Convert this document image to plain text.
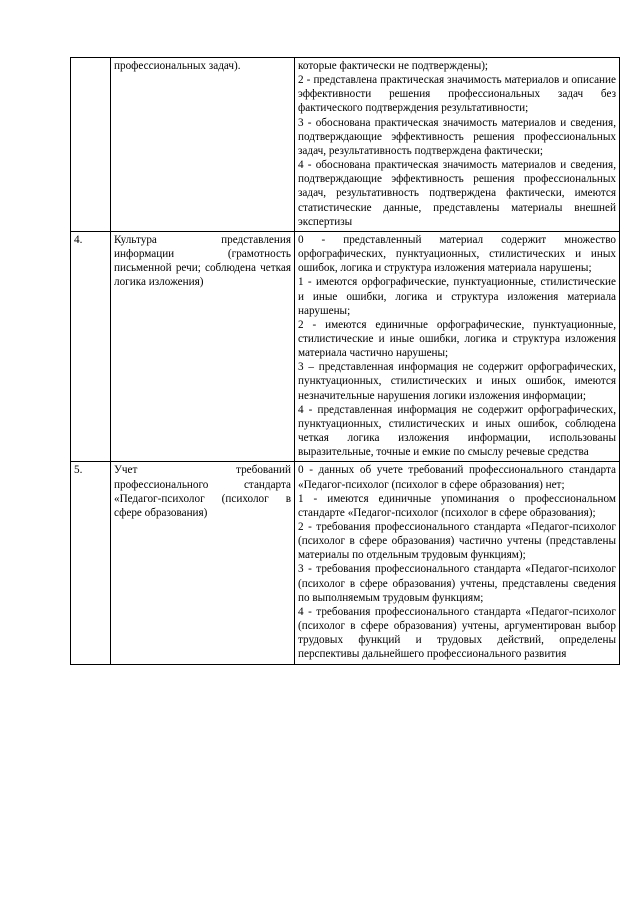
	профессиональных задач).	которые фактически не подтверждены);
2 - представлена практическая значимость материалов и описание эффективности решения профессиональных задач без фактического подтверждения результативности;
3 - обоснована практическая значимость материалов и сведения, подтверждающие эффективность решения профессиональных задач, результативность подтверждена фактически;
4 - обоснована практическая значимость материалов и сведения, подтверждающие эффективность решения профессиональных задач, результативность подтверждена фактически, имеются статистические данные, представлены материалы внешней экспертизы

4.	Культура представления информации (грамотность письменной речи; соблюдена четкая логика изложения)	0 - представленный материал содержит множество орфографических, пунктуационных, стилистических и иных ошибок, логика и структура изложения материала нарушены;
1 - имеются орфографические, пунктуационные, стилистические и иные ошибки, логика и структура изложения материала нарушены;
2 - имеются единичные орфографические, пунктуационные, стилистические и иные ошибки, логика и структура изложения материала частично нарушены;
3 – представленная информация не содержит орфографических, пунктуационных, стилистических и иных ошибок, имеются незначительные нарушения логики изложения информации;
4 - представленная информация не содержит орфографических, пунктуационных, стилистических и иных ошибок, соблюдена четкая логика изложения информации, использованы выразительные, точные и емкие по смыслу речевые средства

5.	Учет требований профессионального стандарта «Педагог-психолог (психолог в сфере образования)	0 - данных об учете требований профессионального стандарта «Педагог-психолог (психолог в сфере образования) нет;
1 - имеются единичные упоминания о профессиональном стандарте «Педагог-психолог (психолог в сфере образования);
2 - требования профессионального стандарта «Педагог-психолог (психолог в сфере образования) частично учтены (представлены материалы по отдельным трудовым функциям);
3 - требования профессионального стандарта «Педагог-психолог (психолог в сфере образования) учтены, представлены сведения по выполняемым трудовым функциям;
4 - требования профессионального стандарта «Педагог-психолог (психолог в сфере образования) учтены, аргументирован выбор трудовых функций и трудовых действий, определены перспективы дальнейшего профессионального развития
